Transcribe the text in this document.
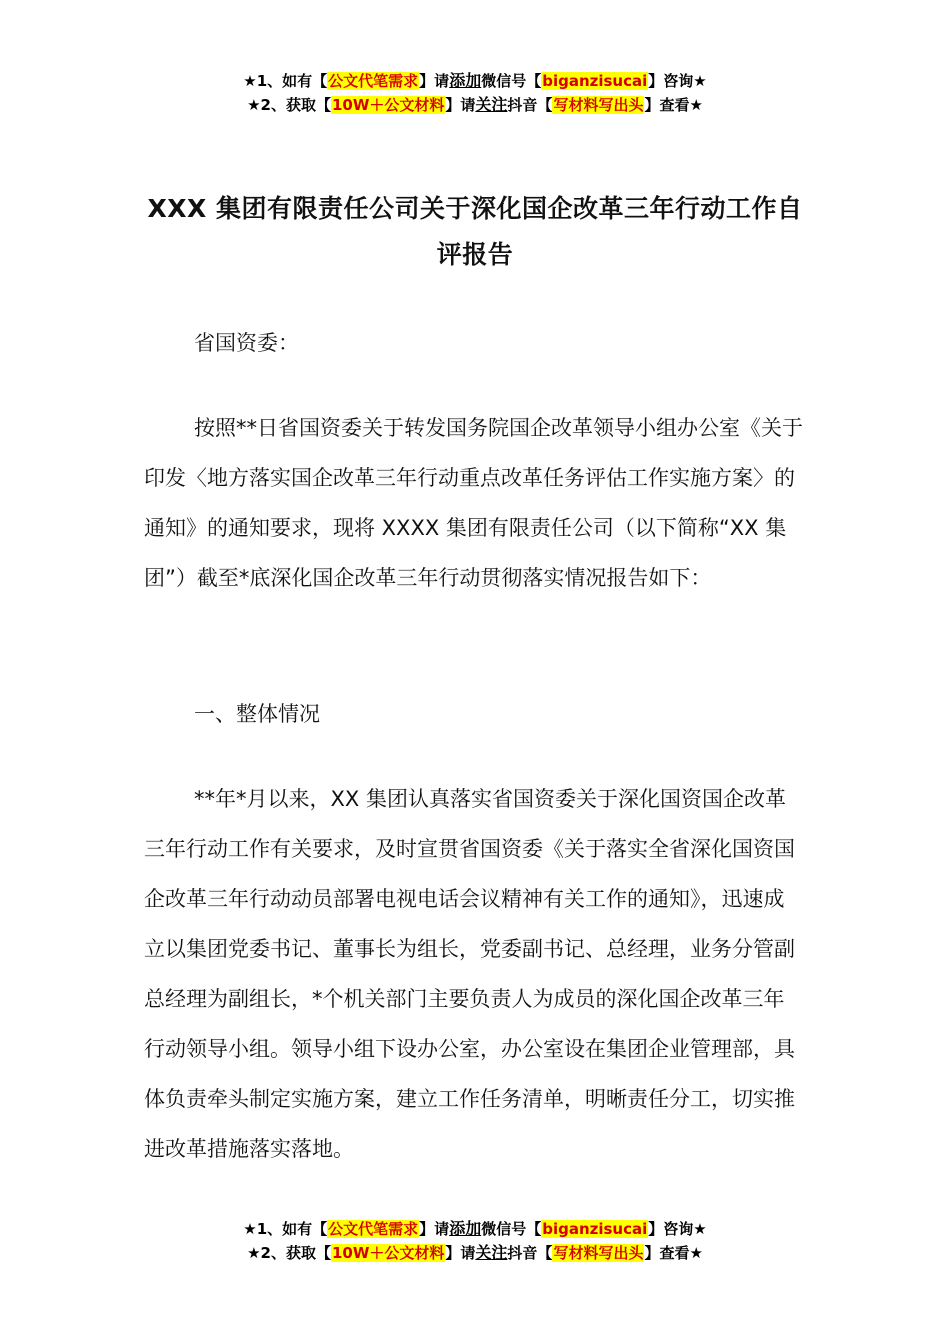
★1、如有【公文代笔需求】请添加微信号【biganzisucai】咨询★
★2、获取【10W＋公文材料】请关注抖音【写材料写出头】查看★
XXX 集团有限责任公司关于深化国企改革三年行动工作自
评报告
省国资委：
按照**日省国资委关于转发国务院国企改革领导小组办公室《关于印发〈地方落实国企改革三年行动重点改革任务评估工作实施方案〉的通知》的通知要求，现将 XXXX 集团有限责任公司（以下简称“XX 集团”）截至*底深化国企改革三年行动贯彻落实情况报告如下：
一、整体情况
**年*月以来，XX 集团认真落实省国资委关于深化国资国企改革三年行动工作有关要求，及时宣贯省国资委《关于落实全省深化国资国企改革三年行动动员部署电视电话会议精神有关工作的通知》，迅速成立以集团党委书记、董事长为组长，党委副书记、总经理，业务分管副总经理为副组长，*个机关部门主要负责人为成员的深化国企改革三年行动领导小组。领导小组下设办公室，办公室设在集团企业管理部，具体负责牵头制定实施方案，建立工作任务清单，明晰责任分工，切实推进改革措施落实落地。
★1、如有【公文代笔需求】请添加微信号【biganzisucai】咨询★
★2、获取【10W＋公文材料】请关注抖音【写材料写出头】查看★
